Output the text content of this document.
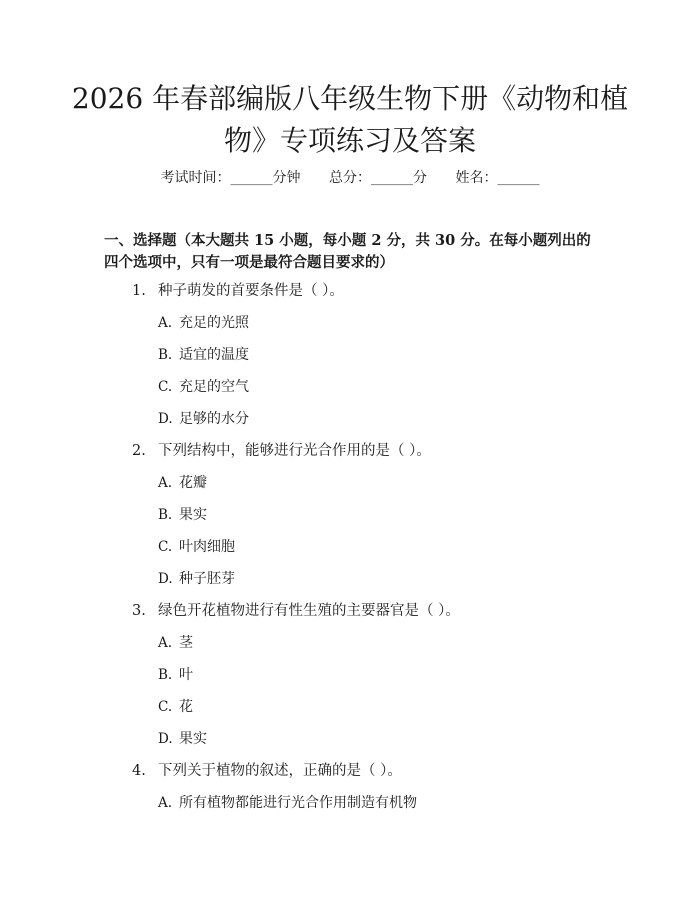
2026 年春部编版八年级生物下册《动物和植物》专项练习及答案
考试时间：______分钟 总分：______分 姓名：______

一、选择题（本大题共 15 小题，每小题 2 分，共 30 分。在每小题列出的四个选项中，只有一项是最符合题目要求的）

1. 种子萌发的首要条件是（ ）。
A. 充足的光照
B. 适宜的温度
C. 充足的空气
D. 足够的水分
2. 下列结构中，能够进行光合作用的是（ ）。
A. 花瓣
B. 果实
C. 叶肉细胞
D. 种子胚芽
3. 绿色开花植物进行有性生殖的主要器官是（ ）。
A. 茎
B. 叶
C. 花
D. 果实
4. 下列关于植物的叙述，正确的是（ ）。
A. 所有植物都能进行光合作用制造有机物
